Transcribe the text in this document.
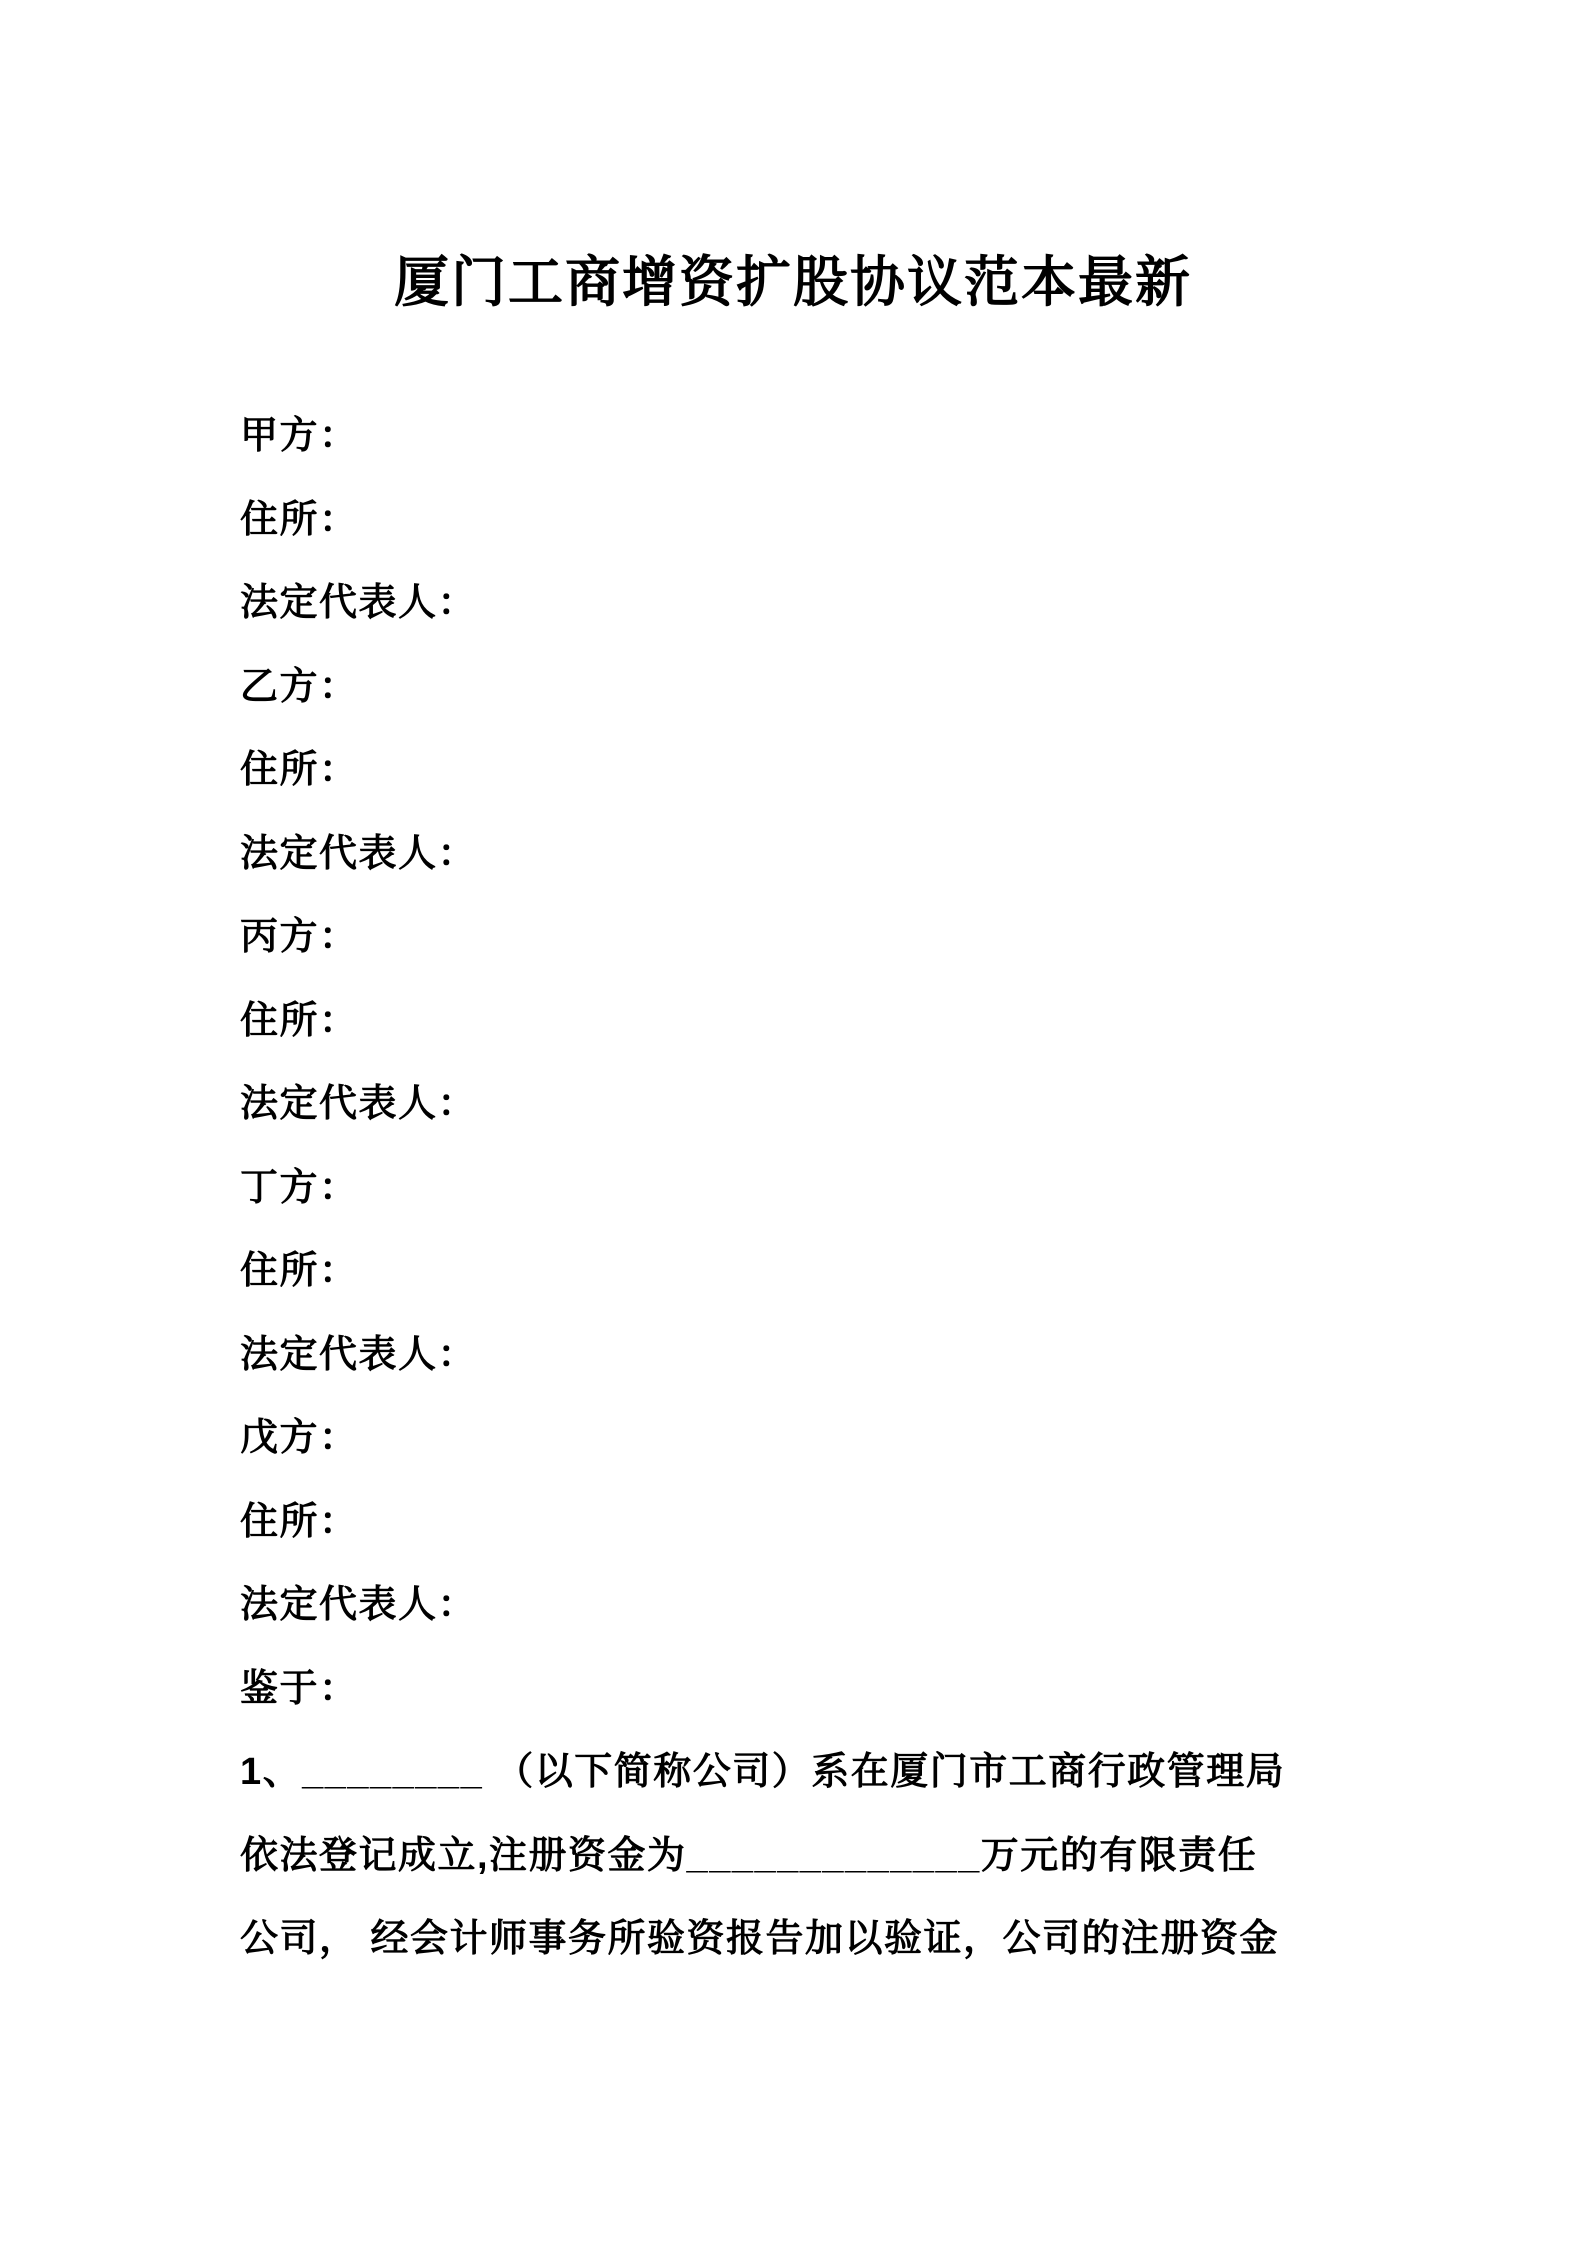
厦门工商增资扩股协议范本最新
甲方：
住所：
法定代表人：
乙方：
住所：
法定代表人：
丙方：
住所：
法定代表人：
丁方：
住所：
法定代表人：
戊方：
住所：
法定代表人：
鉴于：
1、________ （以下简称公司）系在厦门市工商行政管理局
依法登记成立,注册资金为_____________万元的有限责任
公司， 经会计师事务所验资报告加以验证，公司的注册资金
